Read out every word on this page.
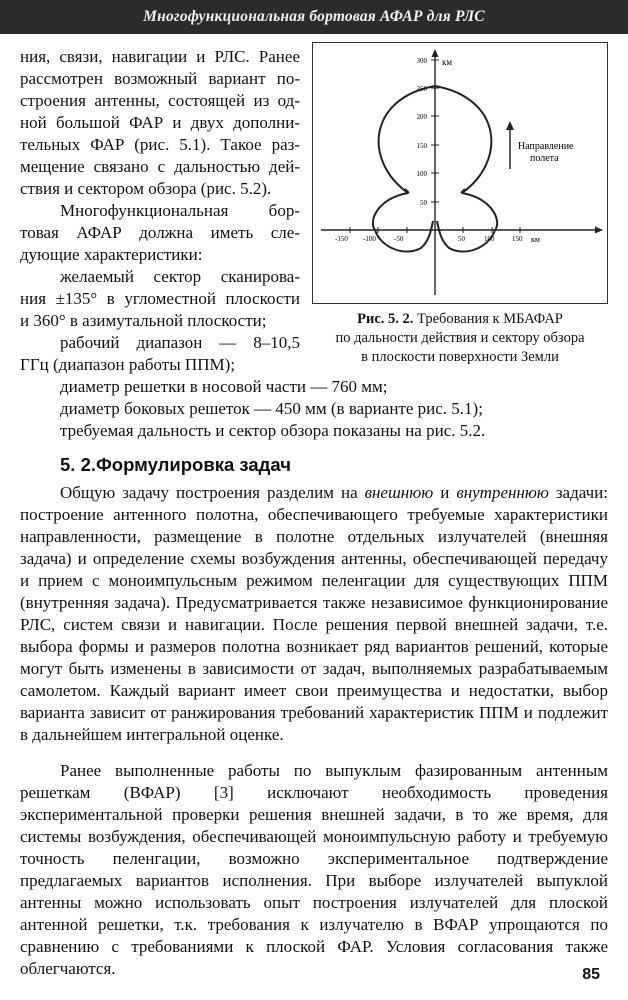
Многофункциональная бортовая АФАР для РЛС

ния, связи, навигации и РЛС. Ранее

рассмотрен возможный вариант по-

строения антенны, состоящей из од-

ной большой ФАР и двух дополни-

тельных ФАР (рис. 5.1). Такое раз-

мещение связано с дальностью дей-

ствия и сектором обзора (рис. 5.2).

Многофункциональная бор-

товая АФАР должна иметь сле-

дующие характеристики:

желаемый сектор сканирова-

ния ±135° в угломестной плоскости

и 360° в азимутальной плоскости;

рабочий диапазон — 8–10,5

ГГц (диапазон работы ППМ);

300
250
200
150
100
50
км
-150 -100	-50	50	100	150 км
Направление
полета
Рис. 5. 2. Требования к МБАФАР
по дальности действия и сектору обзора
в плоскости поверхности Земли

диаметр решетки в носовой части — 760 мм;

диаметр боковых решеток — 450 мм (в варианте рис. 5.1);

требуемая дальность и сектор обзора показаны на рис. 5.2.

5. 2.Формулировка задач

Общую задачу построения разделим на внешнюю и внутреннюю задачи: построение антенного полотна, обеспечивающего требуемые характеристики направленности, размещение в полотне отдельных излучателей (внешняя задача) и определение схемы возбуждения антенны, обеспечивающей передачу и прием с моноимпульсным режимом пеленгации для существующих ППМ (внутренняя задача). Предусматривается также независимое функционирование РЛС, систем связи и навигации. После решения первой внешней задачи, т.е. выбора формы и размеров полотна возникает ряд вариантов решений, которые могут быть изменены в зависимости от задач, выполняемых разрабатываемым самолетом. Каждый вариант имеет свои преимущества и недостатки, выбор варианта зависит от ранжирования требований характеристик ППМ и подлежит в дальнейшем интегральной оценке.

Ранее выполненные работы по выпуклым фазированным антенным решеткам (ВФАР) [3] исключают необходимость проведения экспериментальной проверки решения внешней задачи, в то же время, для системы возбуждения, обеспечивающей моноимпульсную работу и требуемую точность пеленгации, возможно экспериментальное подтверждение предлагаемых вариантов исполнения. При выборе излучателей выпуклой антенны можно использовать опыт построения излучателей для плоской антенной решетки, т.к. требования к излучателю в ВФАР упрощаются по сравнению с требованиями к плоской ФАР. Условия согласования также облегчаются.	85
